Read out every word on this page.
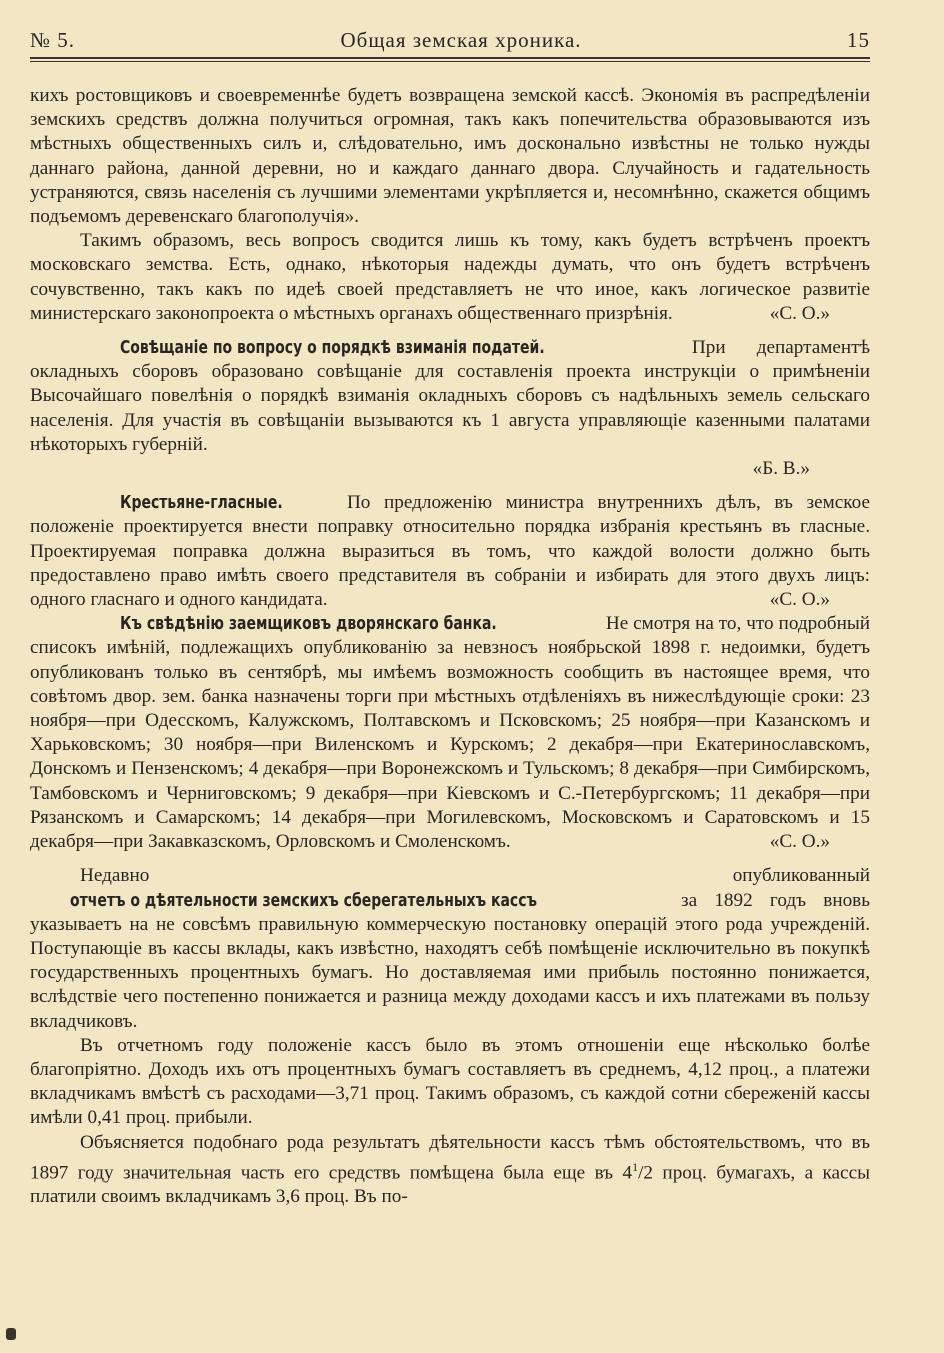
№ 5.	Общая земская хроника.	15

кихъ ростовщиковъ и своевременнѣе будетъ возвращена земской кассѣ. Экономія въ распредѣленіи земскихъ средствъ должна получиться огромная, такъ какъ попечительства образовываются изъ мѣстныхъ общественныхъ силъ и, слѣдовательно, имъ досконально извѣстны не только нужды даннаго района, данной деревни, но и каждаго даннаго двора. Случайность и гадательность устраняются, связь населенія съ лучшими элементами укрѣпляется и, несомнѣнно, скажется общимъ подъемомъ деревенскаго благополучія».

Такимъ образомъ, весь вопросъ сводится лишь къ тому, какъ будетъ встрѣченъ проектъ московскаго земства. Есть, однако, нѣкоторыя надежды думать, что онъ будетъ встрѣченъ сочувственно, такъ какъ по идеѣ своей представляетъ не что иное, какъ логическое развитіе министерскаго законопроекта о мѣстныхъ органахъ общественнаго призрѣнія.	«С. О.»

Совѣщаніе по вопросу о порядкѣ взиманія податей.	При департаментѣ окладныхъ сборовъ образовано совѣщаніе для составленія проекта инструкціи о примѣненіи Высочайшаго повелѣнія о порядкѣ взиманія окладныхъ сборовъ съ надѣльныхъ земель сельскаго населенія. Для участія въ совѣщаніи вызываются къ 1 августа управляющіе казенными палатами нѣкоторыхъ губерній.

«Б. В.»

Крестьяне-гласные.	По предложенію министра внутреннихъ дѣлъ, въ земское положеніе проектируется внести поправку относительно порядка избранія крестьянъ въ гласные. Проектируемая поправка должна выразиться въ томъ, что каждой волости должно быть предоставлено право имѣть своего представителя въ собраніи и избирать для этого двухъ лицъ: одного гласнаго и одного кандидата.	«С. О.»

Къ свѣдѣнію заемщиковъ дворянскаго банка.	Не смотря на то, что подробный списокъ имѣній, подлежащихъ опубликованію за невзносъ ноябрьской 1898 г. недоимки, будетъ опубликованъ только въ сентябрѣ, мы имѣемъ возможность сообщить въ настоящее время, что совѣтомъ двор. зем. банка назначены торги при мѣстныхъ отдѣленіяхъ въ нижеслѣдующіе сроки: 23 ноября—при Одесскомъ, Калужскомъ, Полтавскомъ и Псковскомъ; 25 ноября—при Казанскомъ и Харьковскомъ; 30 ноября—при Виленскомъ и Курскомъ; 2 декабря—при Екатеринославскомъ, Донскомъ и Пензенскомъ; 4 декабря—при Воронежскомъ и Тульскомъ; 8 декабря—при Симбирскомъ, Тамбовскомъ и Черниговскомъ; 9 декабря—при Кіевскомъ и С.-Петербургскомъ; 11 декабря—при Рязанскомъ и Самарскомъ; 14 декабря—при Могилевскомъ, Московскомъ и Саратовскомъ и 15 декабря—при Закавказскомъ, Орловскомъ и Смоленскомъ.	«С. О.»

Недавно опубликованный отчетъ о дѣятельности земскихъ сберегательныхъ кассъ	за 1892 годъ вновь указываетъ на не совсѣмъ правильную коммерческую постановку операцій этого рода учрежденій. Поступающіе въ кассы вклады, какъ извѣстно, находятъ себѣ помѣщеніе исключительно въ покупкѣ государственныхъ процентныхъ бумагъ. Но доставляемая ими прибыль постоянно понижается, вслѣдствіе чего постепенно понижается и разница между доходами кассъ и ихъ платежами въ пользу вкладчиковъ.

Въ отчетномъ году положеніе кассъ было въ этомъ отношеніи еще нѣсколько болѣе благопріятно. Доходъ ихъ отъ процентныхъ бумагъ составляетъ въ среднемъ, 4,12 проц., а платежи вкладчикамъ вмѣстѣ съ расходами—3,71 проц. Такимъ образомъ, съ каждой сотни сбереженій кассы имѣли 0,41 проц. прибыли.

Объясняется подобнаго рода результатъ дѣятельности кассъ тѣмъ обстоятельствомъ, что въ 1897 году значительная часть его средствъ помѣщена была еще въ $4^1/2$ проц. бумагахъ, а кассы платили своимъ вкладчикамъ 3,6 проц. Въ по-
